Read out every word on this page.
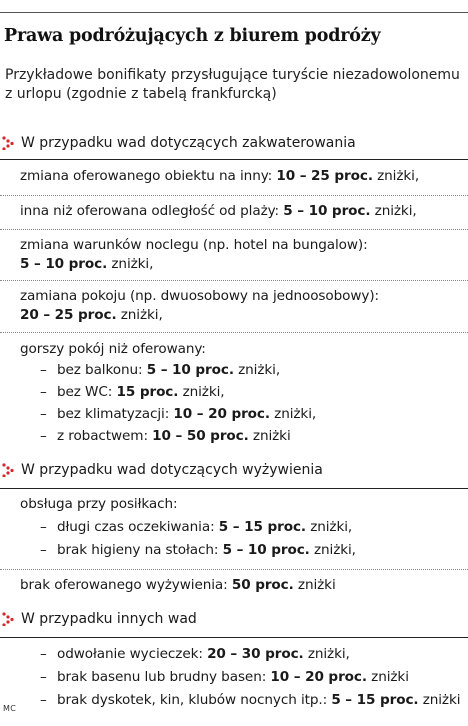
Prawa podróżujących z biurem podróży
Przykładowe bonifikaty przysługujące turyście niezadowolonemu z urlopu (zgodnie z tabelą frankfurcką)
W przypadku wad dotyczących zakwaterowania
zmiana oferowanego obiektu na inny: 10 – 25 proc. zniżki,
inna niż oferowana odległość od plaży: 5 – 10 proc. zniżki,
zmiana warunków noclegu (np. hotel na bungalow):
5 – 10 proc. zniżki,
zamiana pokoju (np. dwuosobowy na jednoosobowy):
20 – 25 proc. zniżki,
gorszy pokój niż oferowany:
– bez balkonu: 5 – 10 proc. zniżki,
– bez WC: 15 proc. zniżki,
– bez klimatyzacji: 10 – 20 proc. zniżki,
– z robactwem: 10 – 50 proc. zniżki
W przypadku wad dotyczących wyżywienia
obsługa przy posiłkach:
– długi czas oczekiwania: 5 – 15 proc. zniżki,
– brak higieny na stołach: 5 – 10 proc. zniżki,
brak oferowanego wyżywienia: 50 proc. zniżki
W przypadku innych wad
– odwołanie wycieczek: 20 – 30 proc. zniżki,
– brak basenu lub brudny basen: 10 – 20 proc. zniżki
– brak dyskotek, kin, klubów nocnych itp.: 5 – 15 proc. zniżki
MC
